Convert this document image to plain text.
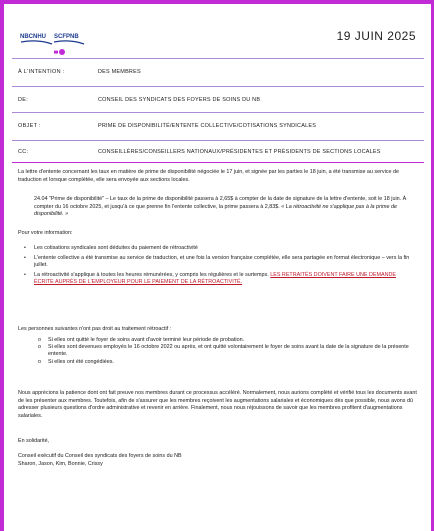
NBCNHU SCFPNB	19 JUIN 2025
À L'INTENTION :	DES MEMBRES
DE:	CONSEIL DES SYNDICATS DES FOYERS DE SOINS DU NB
OBJET :	PRIME DE DISPONIBILITÉ/ENTENTE COLLECTIVE/COTISATIONS SYNDICALES
CC:	CONSEILLÈRES/CONSEILLERS NATIONAUX/PRÉSIDENTES ET PRÉSIDENTS DE SECTIONS LOCALES
La lettre d'entente concernant les taux en matière de prime de disponibilité négociée le 17 juin, et signée par les parties le 18 juin, a été transmise au service de traduction et lorsque complétée, elle sera envoyée aux sections locales.
24.04 "Prime de disponibilité" – Le taux de la prime de disponibilité passera à 2,65$ à compter de la date de signature de la lettre d'entente, soit le 18 juin. À compter du 16 octobre 2025, et jusqu'à ce que prenne fin l'entente collective, la prime passera à 2,83$. « La rétroactivité ne s'applique pas à la prime de disponibilité. »
Pour votre information:
• Les cotisations syndicales sont déduites du paiement de rétroactivité
• L'entente collective a été transmise au service de traduction, et une fois la version française complétée, elle sera partagée en format électronique – vers la fin juillet.
• La rétroactivité s'applique à toutes les heures rémunérées, y compris les régulières et le surtemps. LES RETRAITÉS DOIVENT FAIRE UNE DEMANDE ÉCRITE AUPRÈS DE L'EMPLOYEUR POUR LE PAIEMENT DE LA RÉTROACTIVITÉ.
Les personnes suivantes n'ont pas droit au traitement rétroactif :
o Si elles ont quitté le foyer de soins avant d'avoir terminé leur période de probation.
o Si elles sont devenues employés le 16 octobre 2022 ou après, et ont quitté volontairement le foyer de soins avant la date de la signature de la présente entente.
o Si elles ont été congédiées.
Nous apprécions la patience dont ont fait preuve nos membres durant ce processus accéléré. Normalement, nous aurions complété et vérifié tous les documents avant de les présenter aux membres. Toutefois, afin de s'assurer que les membres reçoivent les augmentations salariales et économiques dès que possible, nous avons dû adresser plusieurs questions d'ordre administrative et revenir en arrière. Finalement, nous nous réjouissons de savoir que les membres profitent d'augmentations salariales.
En solidarité,
Conseil exécutif du Conseil des syndicats des foyers de soins du NB
Sharon, Jason, Kim, Bonnie, Crissy
